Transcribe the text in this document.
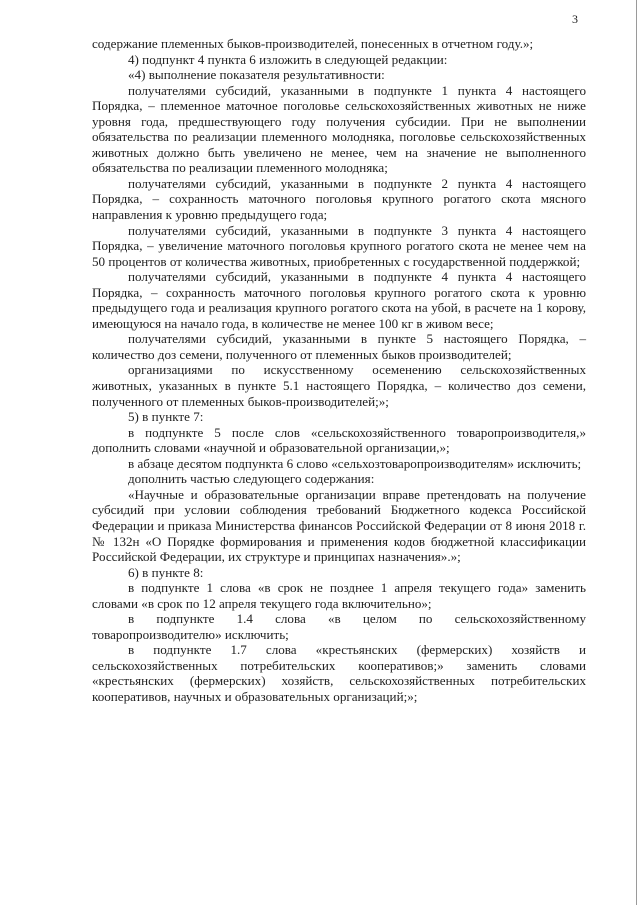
3

содержание племенных быков-производителей, понесенных в отчетном году.»;

4) подпункт 4 пункта 6 изложить в следующей редакции:

«4) выполнение показателя результативности:

получателями субсидий, указанными в подпункте 1 пункта 4 настоящего Порядка, – племенное маточное поголовье сельскохозяйственных животных не ниже уровня года, предшествующего году получения субсидии. При не выполнении обязательства по реализации племенного молодняка, поголовье сельскохозяйственных животных должно быть увеличено не менее, чем на значение не выполненного обязательства по реализации племенного молодняка;

получателями субсидий, указанными в подпункте 2 пункта 4 настоящего Порядка, – сохранность маточного поголовья крупного рогатого скота мясного направления к уровню предыдущего года;

получателями субсидий, указанными в подпункте 3 пункта 4 настоящего Порядка, – увеличение маточного поголовья крупного рогатого скота не менее чем на 50 процентов от количества животных, приобретенных с государственной поддержкой;

получателями субсидий, указанными в подпункте 4 пункта 4 настоящего Порядка, – сохранность маточного поголовья крупного рогатого скота к уровню предыдущего года и реализация крупного рогатого скота на убой, в расчете на 1 корову, имеющуюся на начало года, в количестве не менее 100 кг в живом весе;

получателями субсидий, указанными в пункте 5 настоящего Порядка, – количество доз семени, полученного от племенных быков производителей;

организациями по искусственному осеменению сельскохозяйственных животных, указанных в пункте 5.1 настоящего Порядка, – количество доз семени, полученного от племенных быков-производителей;»;

5) в пункте 7:

в подпункте 5 после слов «сельскохозяйственного товаропроизводителя,» дополнить словами «научной и образовательной организации,»;

в абзаце десятом подпункта 6 слово «сельхозтоваропроизводителям» исключить;

дополнить частью следующего содержания:

«Научные и образовательные организации вправе претендовать на получение субсидий при условии соблюдения требований Бюджетного кодекса Российской Федерации и приказа Министерства финансов Российской Федерации от 8 июня 2018 г. № 132н «О Порядке формирования и применения кодов бюджетной классификации Российской Федерации, их структуре и принципах назначения».»;

6) в пункте 8:

в подпункте 1 слова «в срок не позднее 1 апреля текущего года» заменить словами «в срок по 12 апреля текущего года включительно»;

в подпункте 1.4 слова «в целом по сельскохозяйственному товаропроизводителю» исключить;

в подпункте 1.7 слова «крестьянских (фермерских) хозяйств и сельскохозяйственных потребительских кооперативов;» заменить словами «крестьянских (фермерских) хозяйств, сельскохозяйственных потребительских кооперативов, научных и образовательных организаций;»;
